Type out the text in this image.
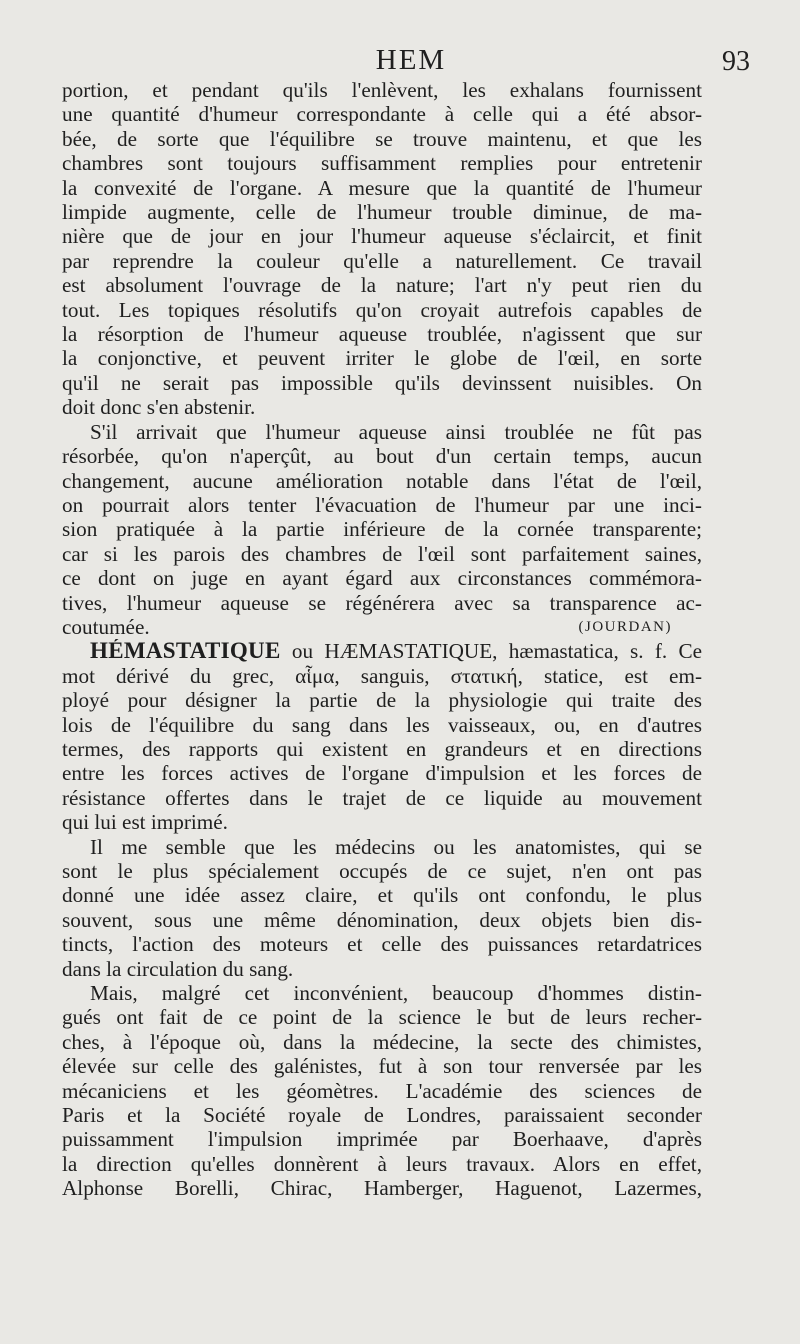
HEM	93
portion, et pendant qu'ils l'enlèvent, les exhalans fournissent
une quantité d'humeur correspondante à celle qui a été absor-
bée, de sorte que l'équilibre se trouve maintenu, et que les
chambres sont toujours suffisamment remplies pour entretenir
la convexité de l'organe. A mesure que la quantité de l'humeur
limpide augmente, celle de l'humeur trouble diminue, de ma-
nière que de jour en jour l'humeur aqueuse s'éclaircit, et finit
par reprendre la couleur qu'elle a naturellement. Ce travail
est absolument l'ouvrage de la nature; l'art n'y peut rien du
tout. Les topiques résolutifs qu'on croyait autrefois capables de
la résorption de l'humeur aqueuse troublée, n'agissent que sur
la conjonctive, et peuvent irriter le globe de l'œil, en sorte
qu'il ne serait pas impossible qu'ils devinssent nuisibles. On
doit donc s'en abstenir.
S'il arrivait que l'humeur aqueuse ainsi troublée ne fût pas
résorbée, qu'on n'aperçût, au bout d'un certain temps, aucun
changement, aucune amélioration notable dans l'état de l'œil,
on pourrait alors tenter l'évacuation de l'humeur par une inci-
sion pratiquée à la partie inférieure de la cornée transparente;
car si les parois des chambres de l'œil sont parfaitement saines,
ce dont on juge en ayant égard aux circonstances commémora-
tives, l'humeur aqueuse se régénérera avec sa transparence ac-
coutumée.	(JOURDAN)
HÉMASTATIQUE ou HÆMASTATIQUE, hæmastatica, s. f. Ce
mot dérivé du grec, αἷμα, sanguis, στατική, statice, est em-
ployé pour désigner la partie de la physiologie qui traite des
lois de l'équilibre du sang dans les vaisseaux, ou, en d'autres
termes, des rapports qui existent en grandeurs et en directions
entre les forces actives de l'organe d'impulsion et les forces de
résistance offertes dans le trajet de ce liquide au mouvement
qui lui est imprimé.
Il me semble que les médecins ou les anatomistes, qui se
sont le plus spécialement occupés de ce sujet, n'en ont pas
donné une idée assez claire, et qu'ils ont confondu, le plus
souvent, sous une même dénomination, deux objets bien dis-
tincts, l'action des moteurs et celle des puissances retardatrices
dans la circulation du sang.
Mais, malgré cet inconvénient, beaucoup d'hommes distin-
gués ont fait de ce point de la science le but de leurs recher-
ches, à l'époque où, dans la médecine, la secte des chimistes,
élevée sur celle des galénistes, fut à son tour renversée par les
mécaniciens et les géomètres. L'académie des sciences de
Paris et la Société royale de Londres, paraissaient seconder
puissamment l'impulsion imprimée par Boerhaave, d'après
la direction qu'elles donnèrent à leurs travaux. Alors en effet,
Alphonse Borelli, Chirac, Hamberger, Haguenot, Lazermes,
